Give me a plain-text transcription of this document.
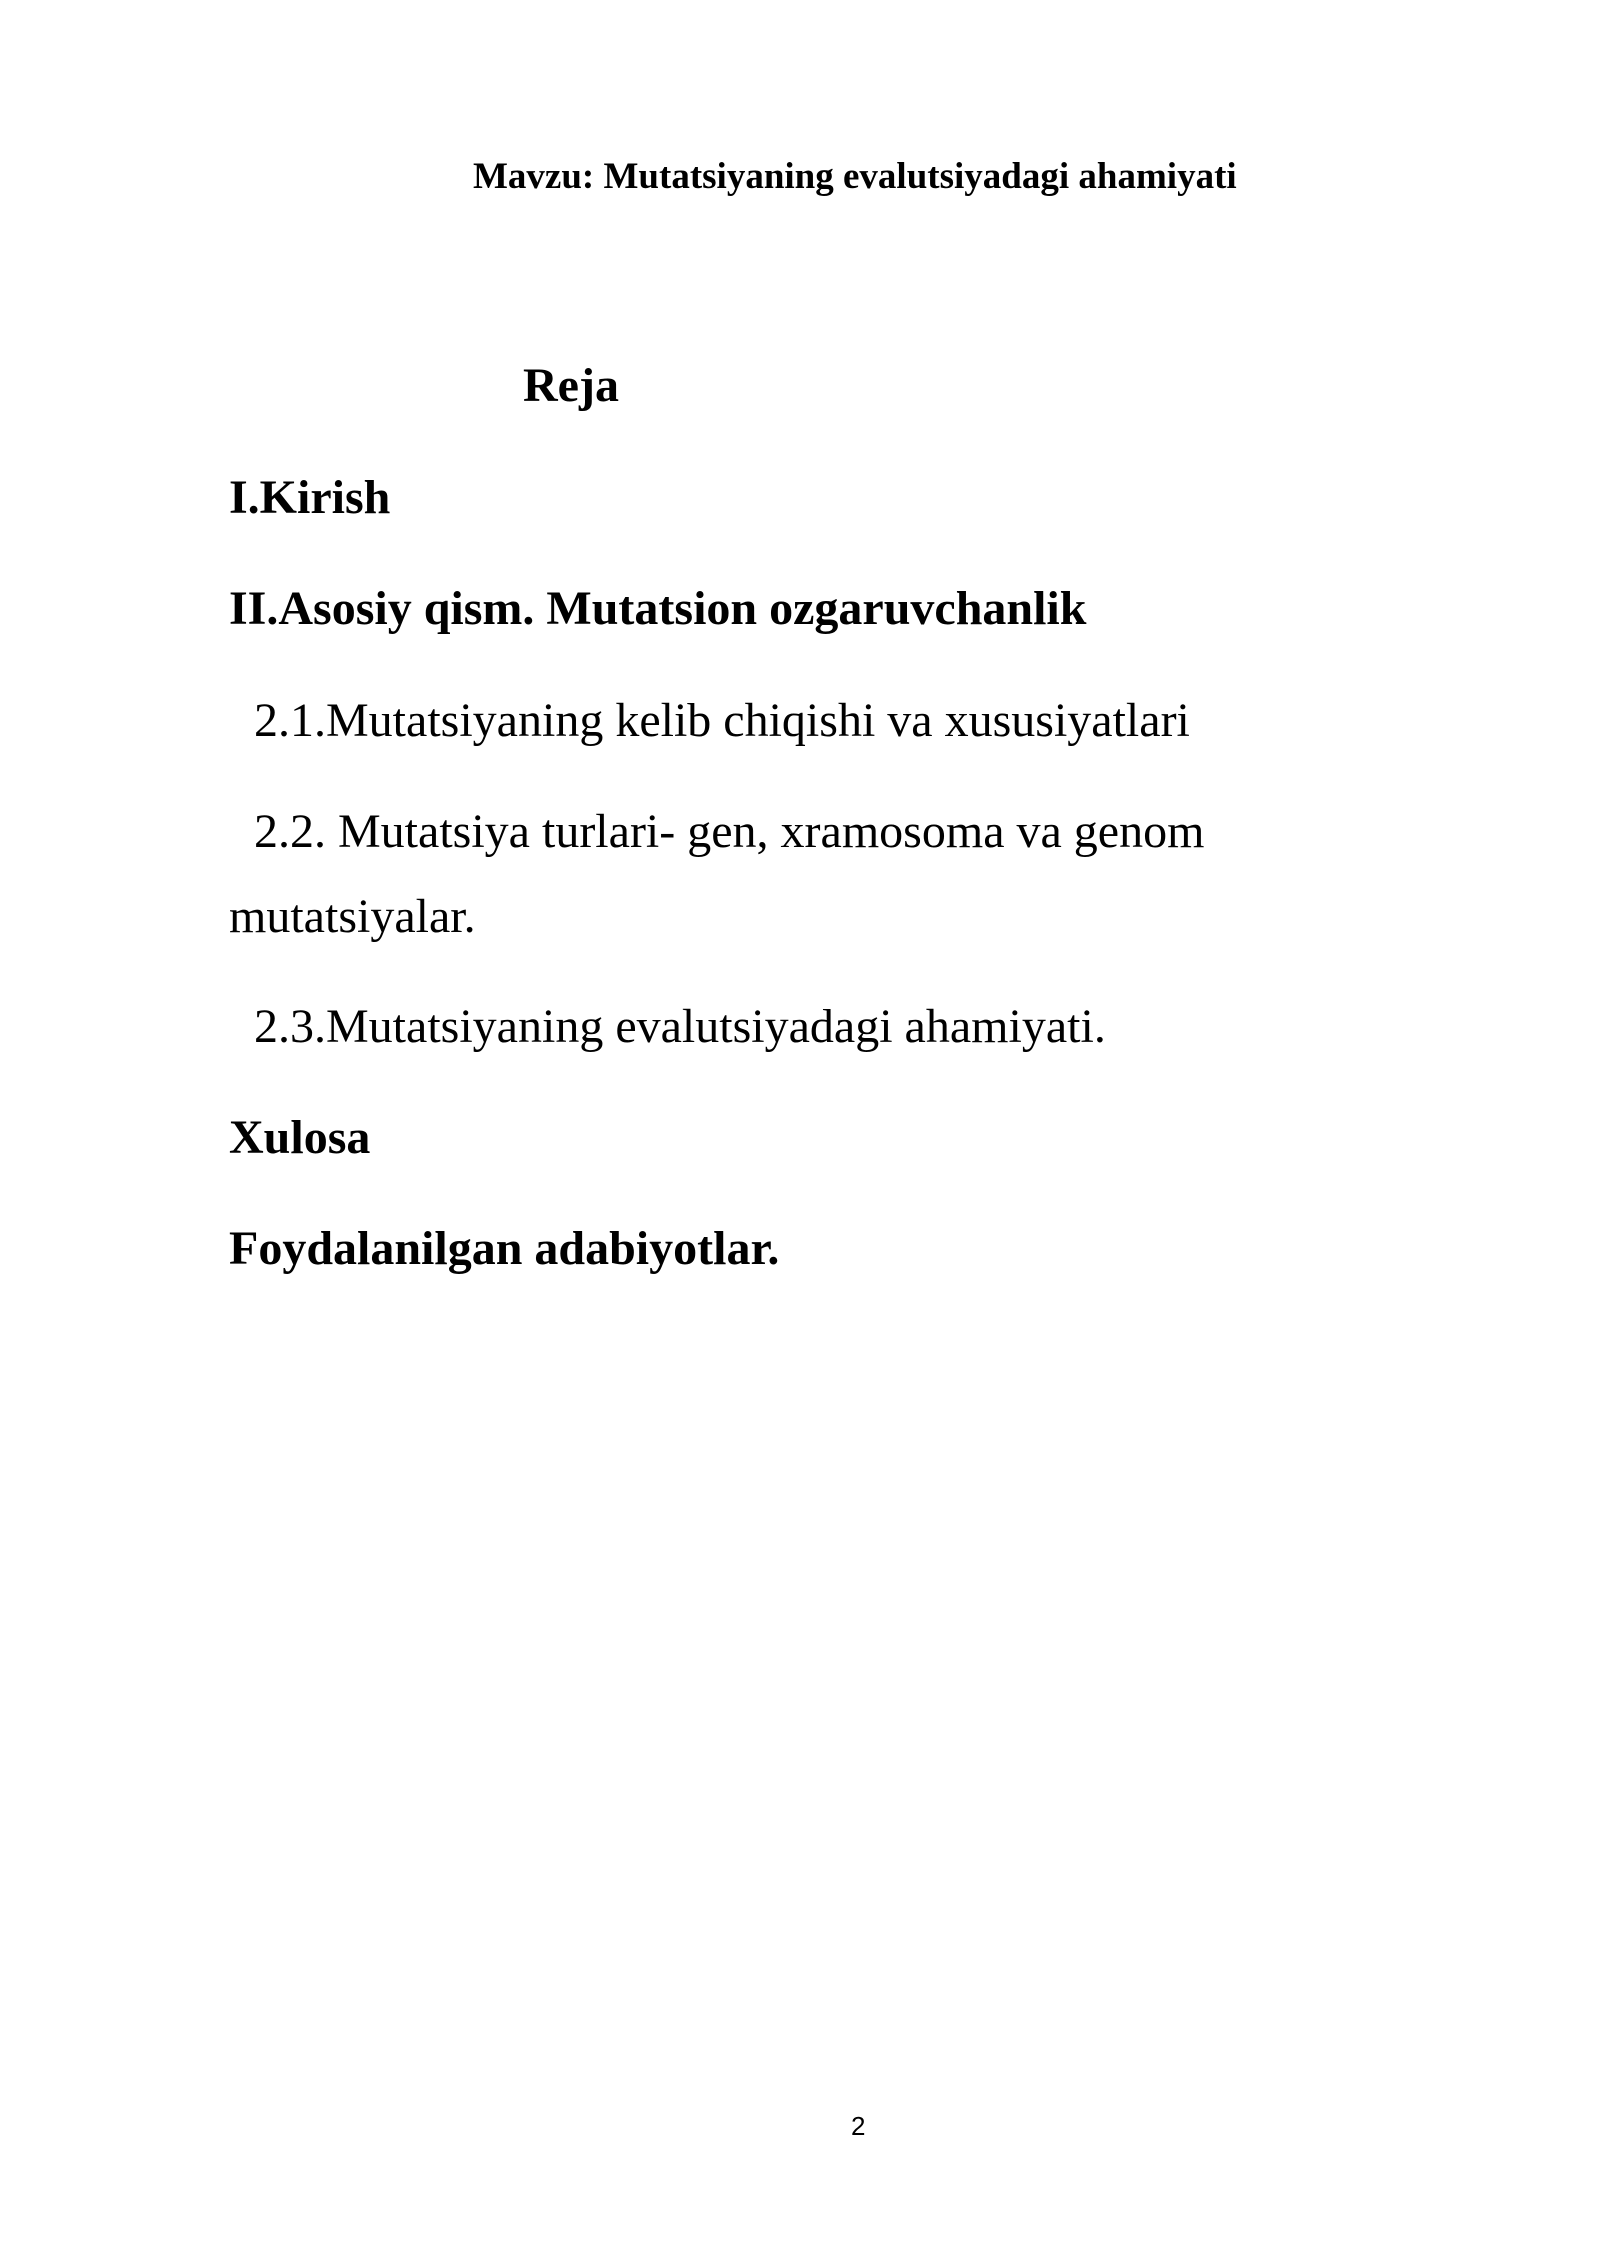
Mavzu: Mutatsiyaning evalutsiyadagi ahamiyati
Reja
I.Kirish
II.Asosiy qism. Mutatsion ozgaruvchanlik
2.1.Mutatsiyaning kelib chiqishi va xususiyatlari
2.2. Mutatsiya turlari- gen, xramosoma va genom
mutatsiyalar.
2.3.Mutatsiyaning evalutsiyadagi ahamiyati.
Xulosa
Foydalanilgan adabiyotlar.
2
